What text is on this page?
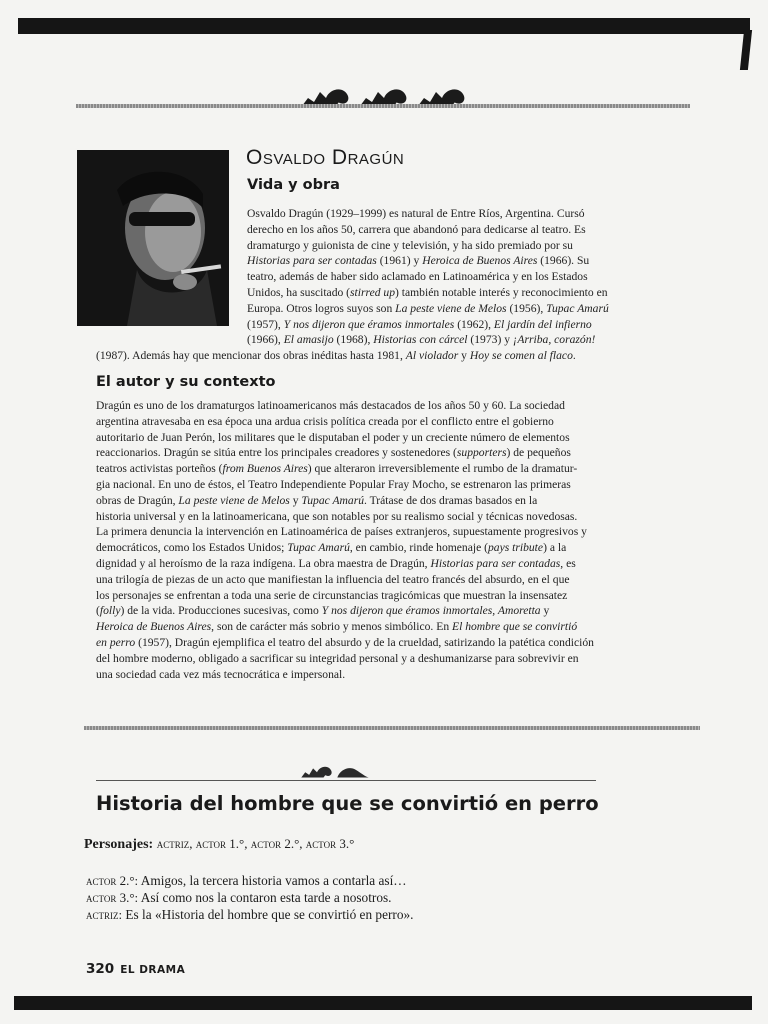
Osvaldo Dragún
Vida y obra

Osvaldo Dragún (1929–1999) es natural de Entre Ríos, Argentina. Cursó

derecho en los años 50, carrera que abandonó para dedicarse al teatro. Es

dramaturgo y guionista de cine y televisión, y ha sido premiado por su

Historias para ser contadas (1961) y Heroica de Buenos Aires (1966). Su

teatro, además de haber sido aclamado en Latinoamérica y en los Estados

Unidos, ha suscitado (stirred up) también notable interés y reconocimiento en

Europa. Otros logros suyos son La peste viene de Melos (1956), Tupac Amarú

(1957), Y nos dijeron que éramos inmortales (1962), El jardín del infierno

(1966), El amasijo (1968), Historias con cárcel (1973) y ¡Arriba, corazón!

(1987). Además hay que mencionar dos obras inéditas hasta 1981, Al violador y Hoy se comen al flaco.

El autor y su contexto

Dragún es uno de los dramaturgos latinoamericanos más destacados de los años 50 y 60. La sociedad

argentina atravesaba en esa época una ardua crisis política creada por el conflicto entre el gobierno

autoritario de Juan Perón, los militares que le disputaban el poder y un creciente número de elementos

reaccionarios. Dragún se sitúa entre los principales creadores y sostenedores (supporters) de pequeños

teatros activistas porteños (from Buenos Aires) que alteraron irreversiblemente el rumbo de la dramatur-

gia nacional. En uno de éstos, el Teatro Independiente Popular Fray Mocho, se estrenaron las primeras

obras de Dragún, La peste viene de Melos y Tupac Amarú. Trátase de dos dramas basados en la

historia universal y en la latinoamericana, que son notables por su realismo social y técnicas novedosas.

La primera denuncia la intervención en Latinoamérica de países extranjeros, supuestamente progresivos y

democráticos, como los Estados Unidos; Tupac Amarú, en cambio, rinde homenaje (pays tribute) a la

dignidad y al heroísmo de la raza indígena. La obra maestra de Dragún, Historias para ser contadas, es

una trilogía de piezas de un acto que manifiestan la influencia del teatro francés del absurdo, en el que

los personajes se enfrentan a toda una serie de circunstancias tragicómicas que muestran la insensatez

(folly) de la vida. Producciones sucesivas, como Y nos dijeron que éramos inmortales, Amoretta y

Heroica de Buenos Aires, son de carácter más sobrio y menos simbólico. En El hombre que se convirtió

en perro (1957), Dragún ejemplifica el teatro del absurdo y de la crueldad, satirizando la patética condición

del hombre moderno, obligado a sacrificar su integridad personal y a deshumanizarse para sobrevivir en

una sociedad cada vez más tecnocrática e impersonal.

Historia del hombre que se convirtió en perro
Personajes: actriz, actor 1.°, actor 2.°, actor 3.°
actor 2.°: Amigos, la tercera historia vamos a contarla así…
actor 3.°: Así como nos la contaron esta tarde a nosotros.
actriz: Es la «Historia del hombre que se convirtió en perro».
320 EL DRAMA
